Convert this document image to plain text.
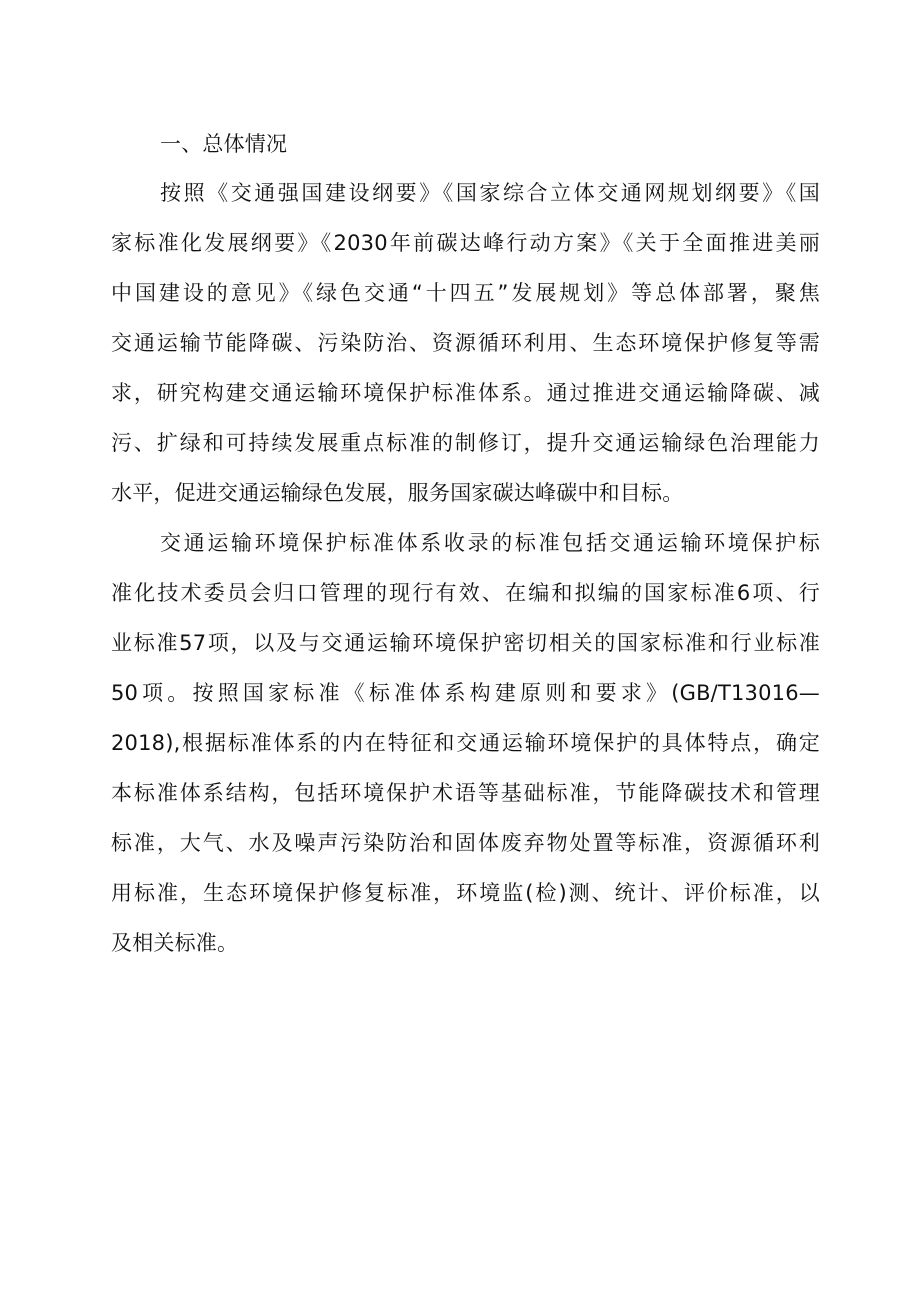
一、总体情况
按照《交通强国建设纲要》《国家综合立体交通网规划纲要》《国
家标准化发展纲要》《2030年前碳达峰行动方案》《关于全面推进美丽
中国建设的意见》《绿色交通“十四五”发展规划》等总体部署，聚焦
交通运输节能降碳、污染防治、资源循环利用、生态环境保护修复等需
求，研究构建交通运输环境保护标准体系。通过推进交通运输降碳、减
污、扩绿和可持续发展重点标准的制修订，提升交通运输绿色治理能力
水平，促进交通运输绿色发展，服务国家碳达峰碳中和目标。
交通运输环境保护标准体系收录的标准包括交通运输环境保护标
准化技术委员会归口管理的现行有效、在编和拟编的国家标准6项、行
业标准57项，以及与交通运输环境保护密切相关的国家标准和行业标准
50项。按照国家标准《标准体系构建原则和要求》(GB/T13016—
2018),根据标准体系的内在特征和交通运输环境保护的具体特点，确定
本标准体系结构，包括环境保护术语等基础标准，节能降碳技术和管理
标准，大气、水及噪声污染防治和固体废弃物处置等标准，资源循环利
用标准，生态环境保护修复标准，环境监(检)测、统计、评价标准，以
及相关标准。
